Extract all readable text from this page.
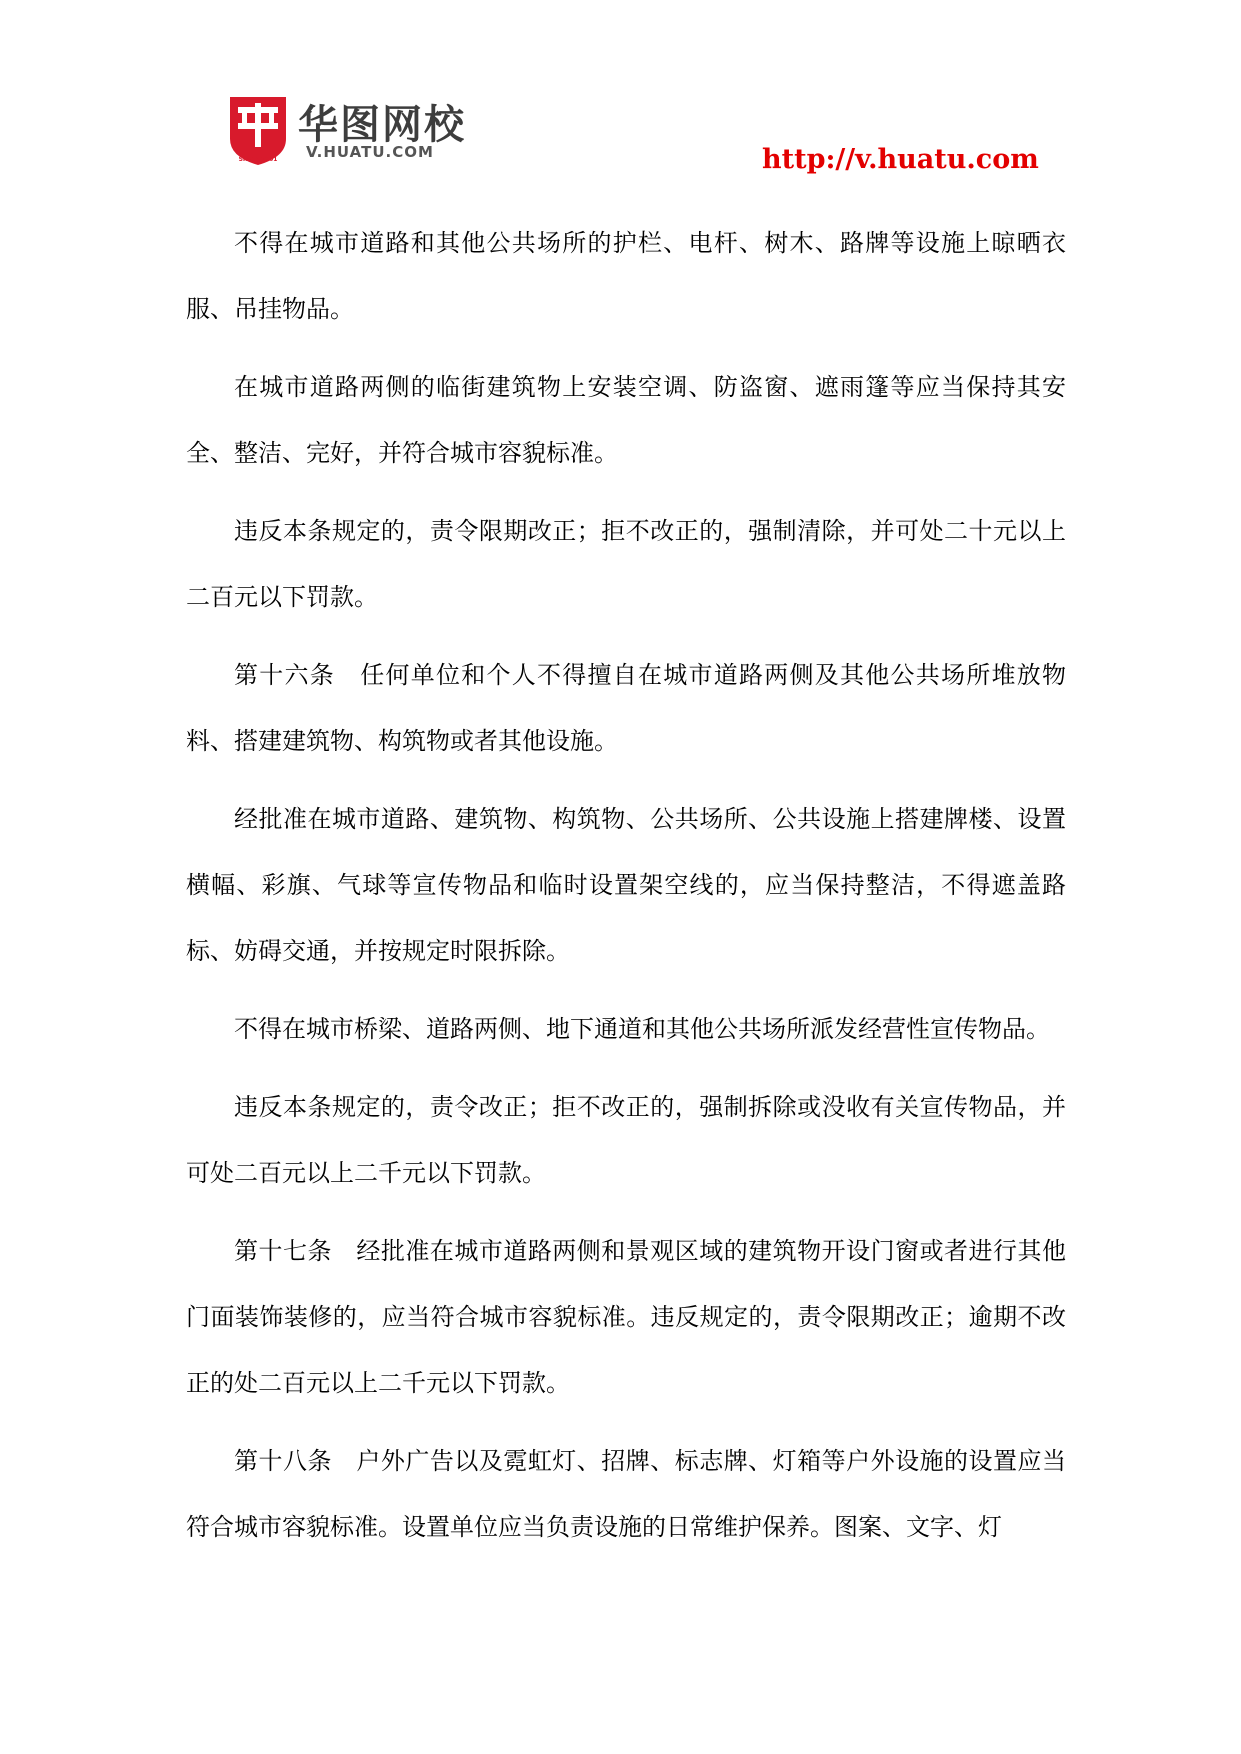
SINCE 2001
华图网校
V.HUATU.COM	http://v.huatu.com

不得在城市道路和其他公共场所的护栏、电杆、树木、路牌等设施上晾晒衣服、吊挂物品。

在城市道路两侧的临街建筑物上安装空调、防盗窗、遮雨篷等应当保持其安全、整洁、完好，并符合城市容貌标准。

违反本条规定的，责令限期改正；拒不改正的，强制清除，并可处二十元以上二百元以下罚款。

第十六条　任何单位和个人不得擅自在城市道路两侧及其他公共场所堆放物料、搭建建筑物、构筑物或者其他设施。

经批准在城市道路、建筑物、构筑物、公共场所、公共设施上搭建牌楼、设置横幅、彩旗、气球等宣传物品和临时设置架空线的，应当保持整洁，不得遮盖路标、妨碍交通，并按规定时限拆除。

不得在城市桥梁、道路两侧、地下通道和其他公共场所派发经营性宣传物品。

违反本条规定的，责令改正；拒不改正的，强制拆除或没收有关宣传物品，并可处二百元以上二千元以下罚款。

第十七条　经批准在城市道路两侧和景观区域的建筑物开设门窗或者进行其他门面装饰装修的，应当符合城市容貌标准。违反规定的，责令限期改正；逾期不改正的处二百元以上二千元以下罚款。

第十八条　户外广告以及霓虹灯、招牌、标志牌、灯箱等户外设施的设置应当符合城市容貌标准。设置单位应当负责设施的日常维护保养。图案、文字、灯
